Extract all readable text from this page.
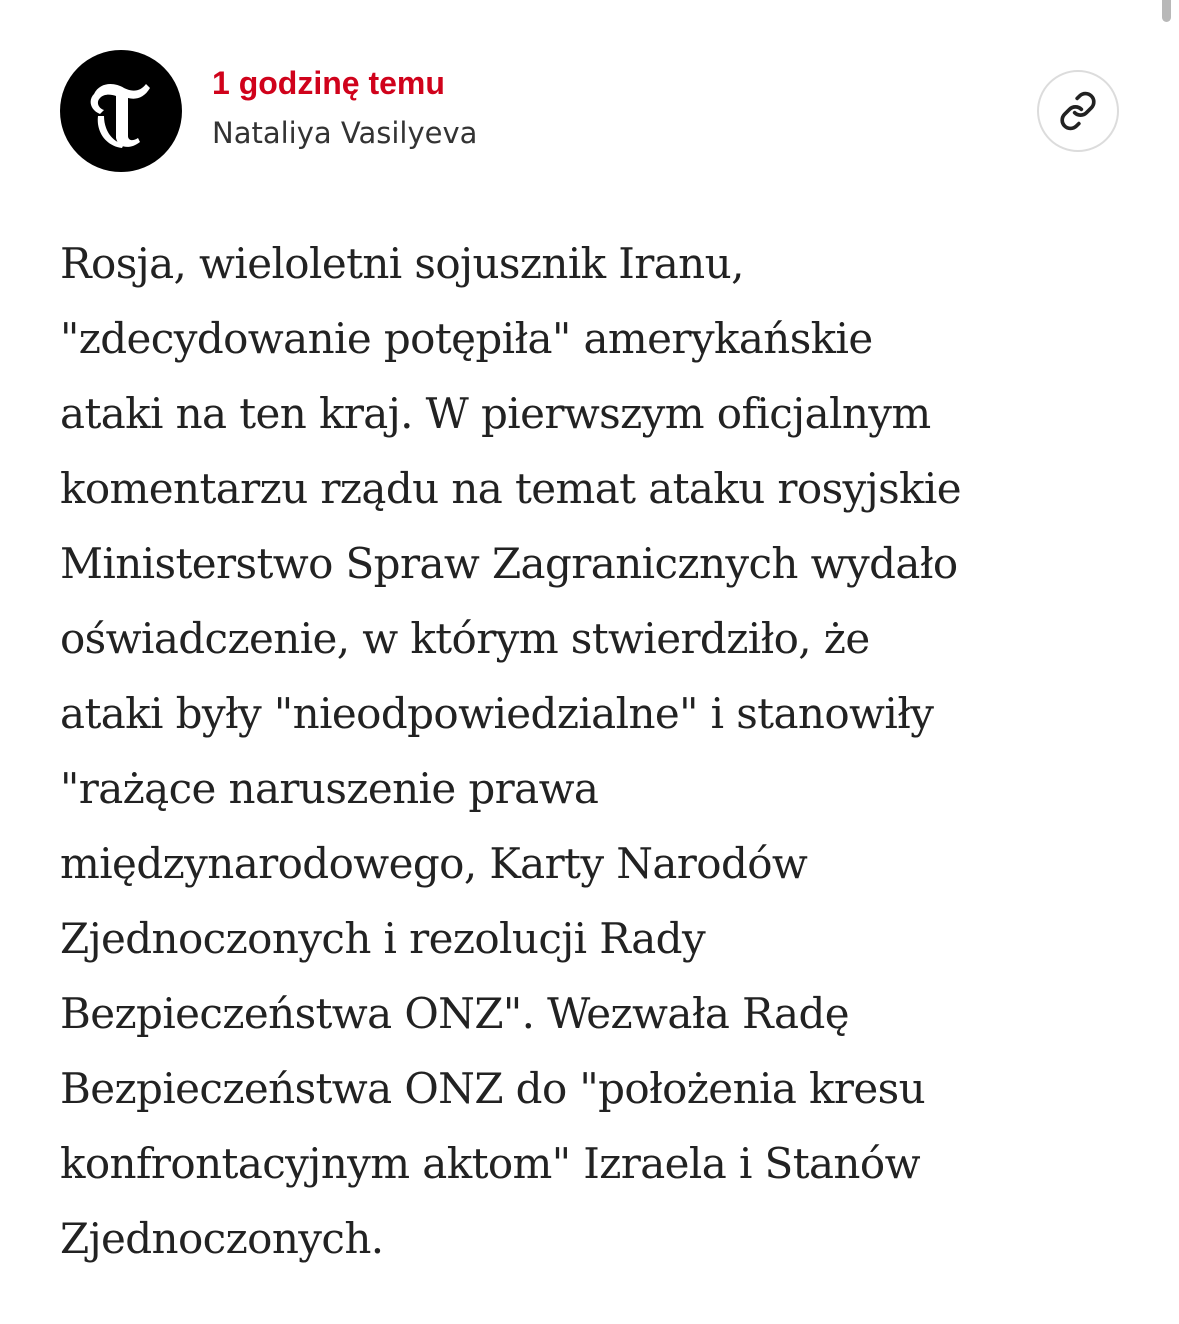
1 godzinę temu
Nataliya Vasilyeva

Rosja, wieloletni sojusznik Iranu,
"zdecydowanie potępiła" amerykańskie
ataki na ten kraj. W pierwszym oficjalnym
komentarzu rządu na temat ataku rosyjskie
Ministerstwo Spraw Zagranicznych wydało
oświadczenie, w którym stwierdziło, że
ataki były "nieodpowiedzialne" i stanowiły
"rażące naruszenie prawa
międzynarodowego, Karty Narodów
Zjednoczonych i rezolucji Rady
Bezpieczeństwa ONZ". Wezwała Radę
Bezpieczeństwa ONZ do "położenia kresu
konfrontacyjnym aktom" Izraela i Stanów
Zjednoczonych.
